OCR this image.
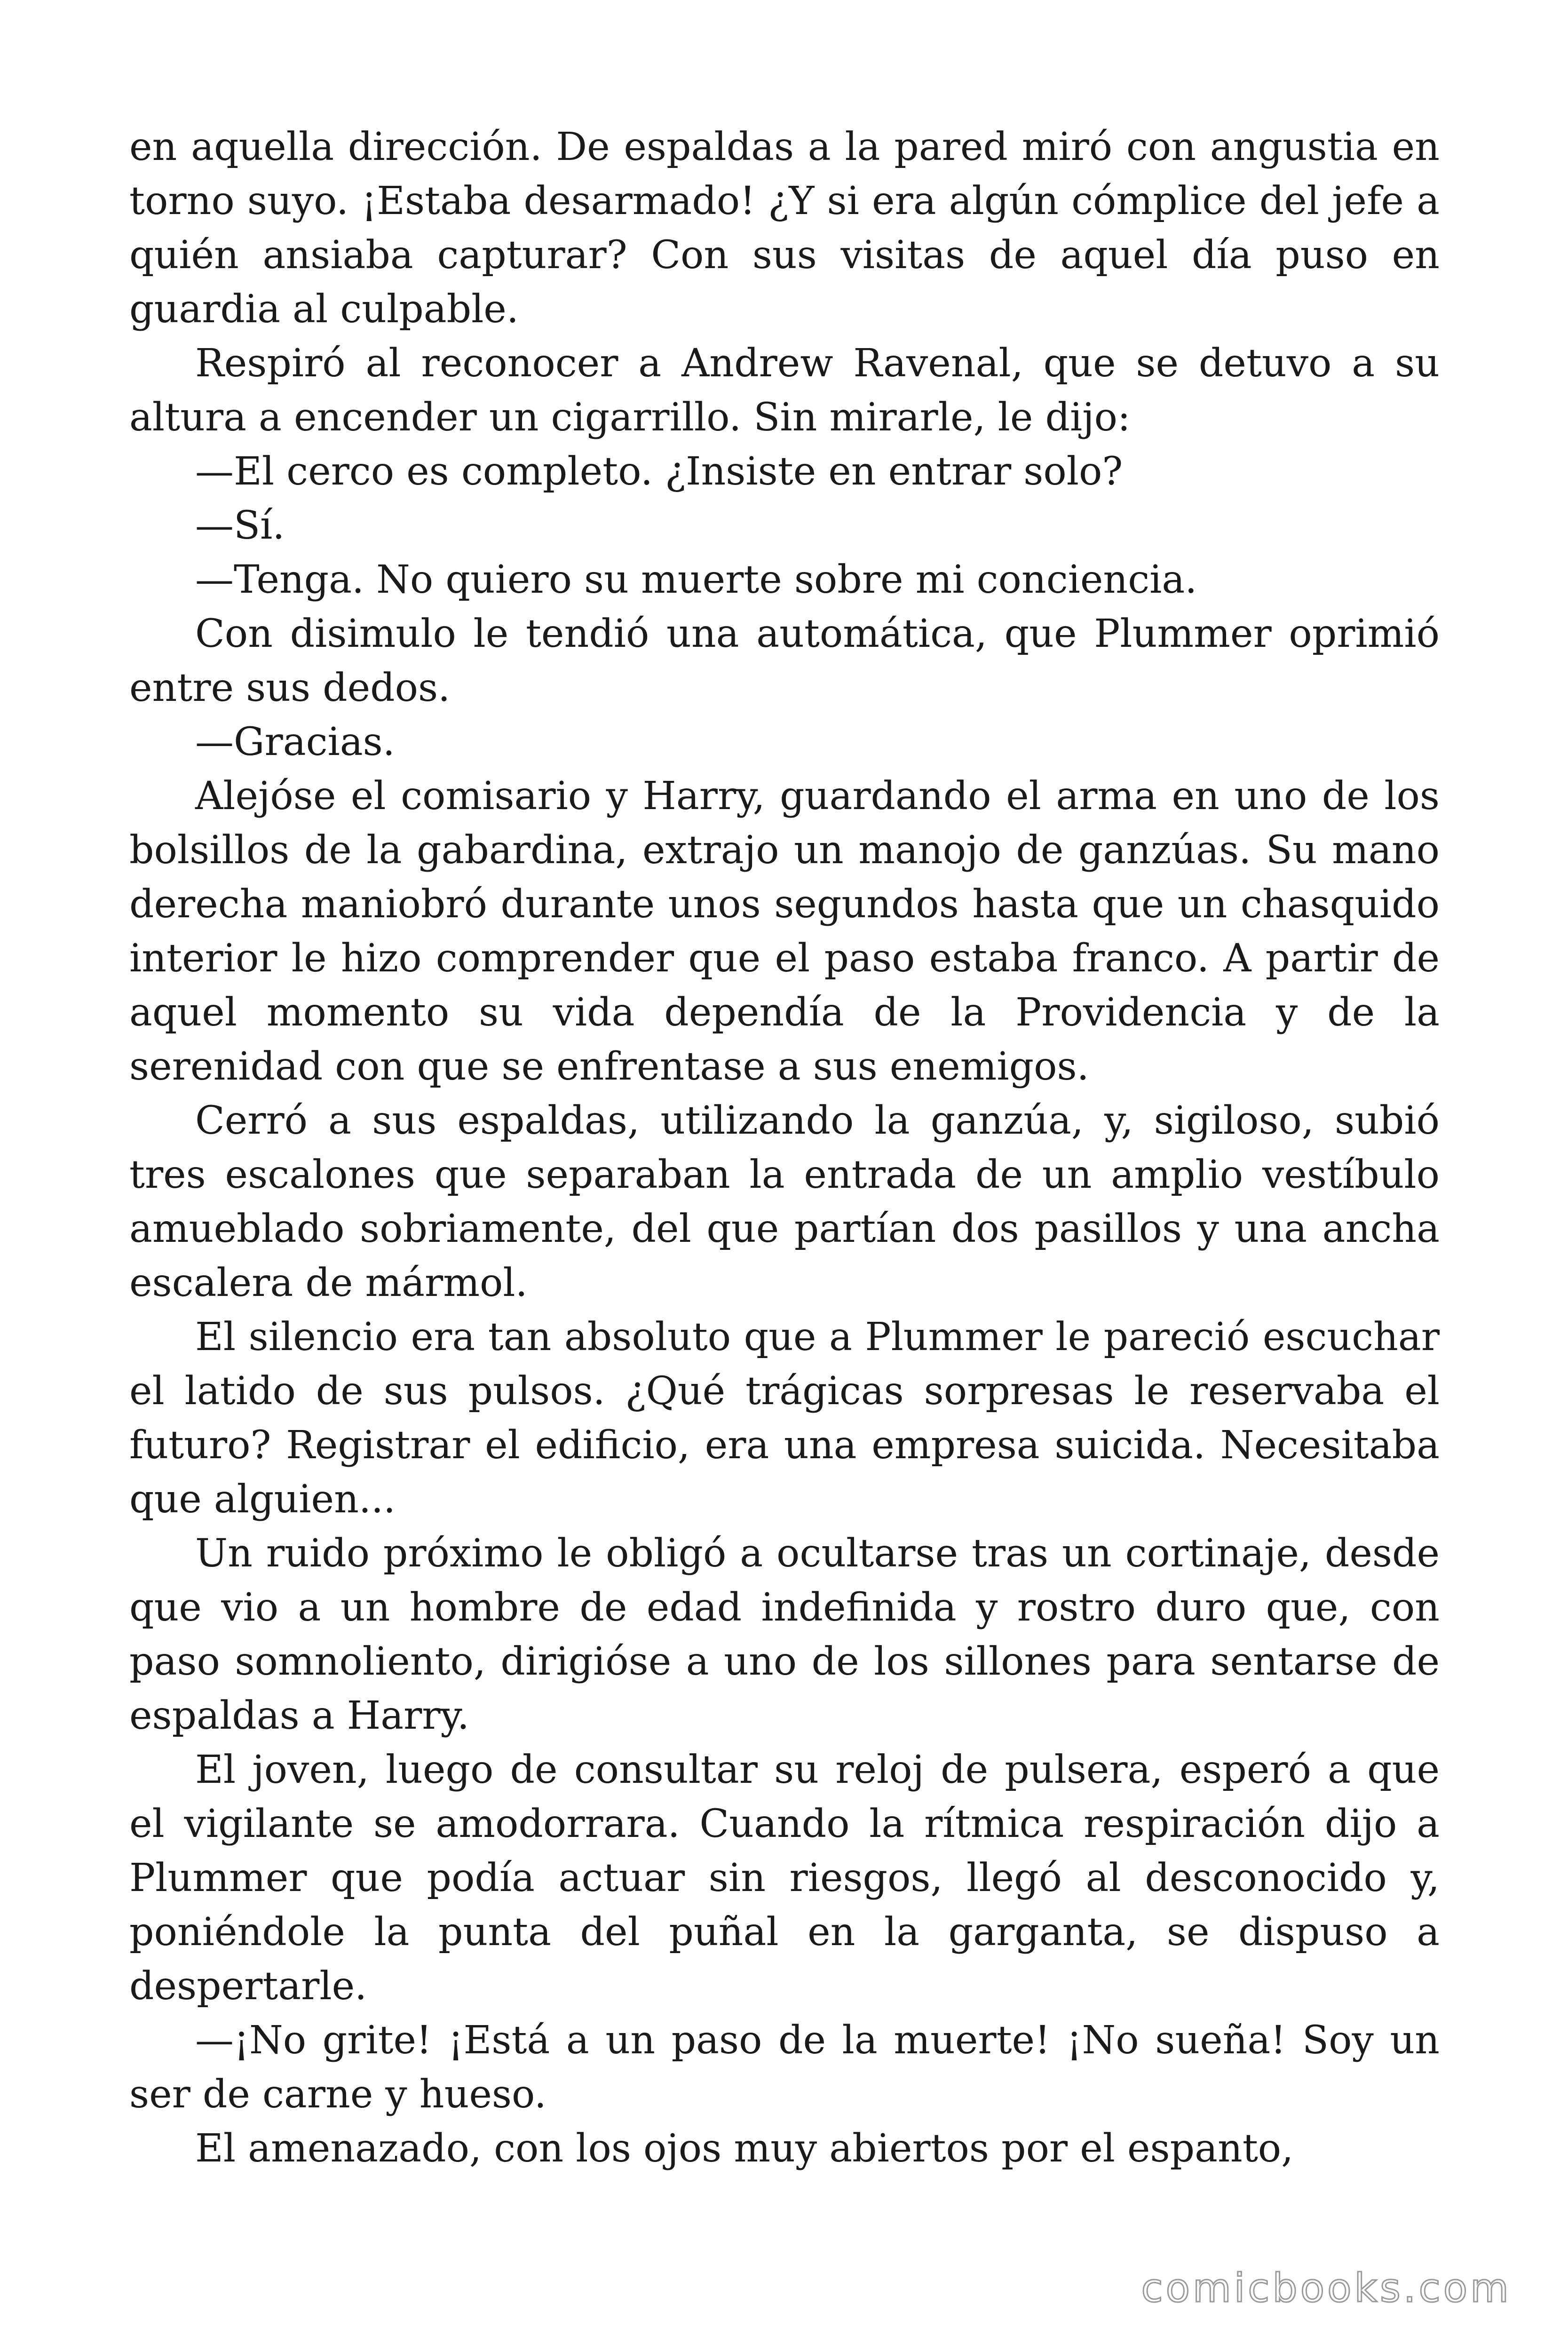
en aquella dirección. De espaldas a la pared miró con angustia en torno suyo. ¡Estaba desarmado! ¿Y si era algún cómplice del jefe a quién ansiaba capturar? Con sus visitas de aquel día puso en guardia al culpable.

Respiró al reconocer a Andrew Ravenal, que se detuvo a su altura a encender un cigarrillo. Sin mirarle, le dijo:

—El cerco es completo. ¿Insiste en entrar solo?

—Sí.

—Tenga. No quiero su muerte sobre mi conciencia.

Con disimulo le tendió una automática, que Plummer oprimió entre sus dedos.

—Gracias.

Alejóse el comisario y Harry, guardando el arma en uno de los bolsillos de la gabardina, extrajo un manojo de ganzúas. Su mano derecha maniobró durante unos segundos hasta que un chasquido interior le hizo comprender que el paso estaba franco. A partir de aquel momento su vida dependía de la Providencia y de la serenidad con que se enfrentase a sus enemigos.

Cerró a sus espaldas, utilizando la ganzúa, y, sigiloso, subió tres escalones que separaban la entrada de un amplio vestíbulo amueblado sobriamente, del que partían dos pasillos y una ancha escalera de mármol.

El silencio era tan absoluto que a Plummer le pareció escuchar el latido de sus pulsos. ¿Qué trágicas sorpresas le reservaba el futuro? Registrar el edificio, era una empresa suicida. Necesitaba que alguien...

Un ruido próximo le obligó a ocultarse tras un cortinaje, desde que vio a un hombre de edad indefinida y rostro duro que, con paso somnoliento, dirigióse a uno de los sillones para sentarse de espaldas a Harry.

El joven, luego de consultar su reloj de pulsera, esperó a que el vigilante se amodorrara. Cuando la rítmica respiración dijo a Plummer que podía actuar sin riesgos, llegó al desconocido y, poniéndole la punta del puñal en la garganta, se dispuso a despertarle.

—¡No grite! ¡Está a un paso de la muerte! ¡No sueña! Soy un ser de carne y hueso.

El amenazado, con los ojos muy abiertos por el espanto,

comicbooks.com
